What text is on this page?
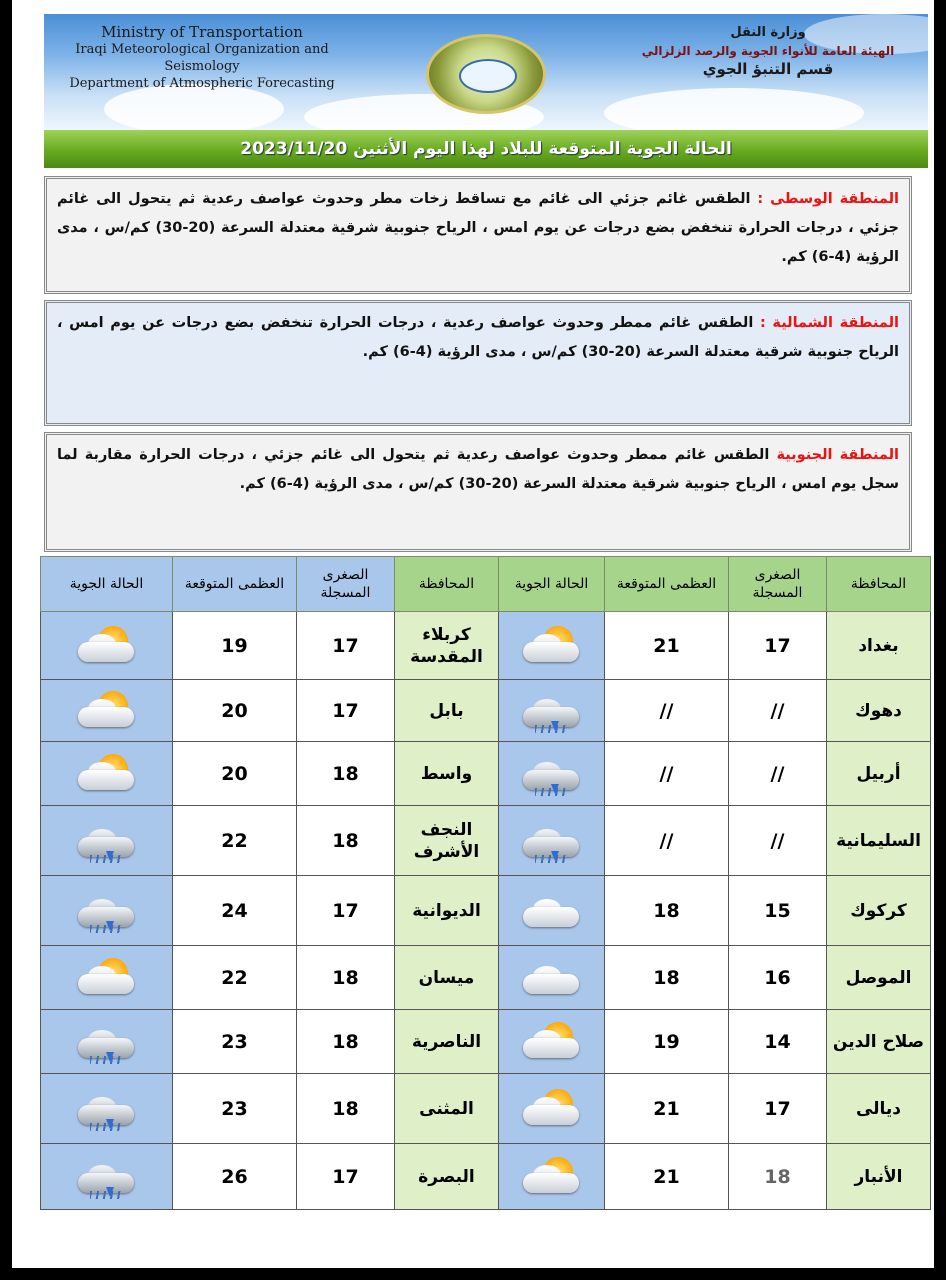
Ministry of Transportation
Iraqi Meteorological Organization and Seismology
Department of Atmospheric Forecasting
وزارة النقل
الهيئة العامة للأنواء الجوية والرصد الزلزالي
قسم التنبؤ الجوي
الحالة الجوية المتوقعة للبلاد لهذا اليوم الأثنين 2023/11/20
المنطقة الوسطى : الطقس غائم جزئي الى غائم مع تساقط زخات مطر وحدوث عواصف رعدية ثم يتحول الى غائم جزئي ، درجات الحرارة تنخفض بضع درجات عن يوم امس ، الرياح جنوبية شرقية معتدلة السرعة (20-30) كم/س ، مدى الرؤية (4-6) كم.
المنطقة الشمالية : الطقس غائم ممطر وحدوث عواصف رعدية ، درجات الحرارة تنخفض بضع درجات عن يوم امس ، الرياح جنوبية شرقية معتدلة السرعة (20-30) كم/س ، مدى الرؤية (4-6) كم.
المنطقة الجنوبية الطقس غائم ممطر وحدوث عواصف رعدية ثم يتحول الى غائم جزئي ، درجات الحرارة مقاربة لما سجل يوم امس ، الرياح جنوبية شرقية معتدلة السرعة (20-30) كم/س ، مدى الرؤية (4-6) كم.
المحافظة	الصغرى المسجلة	العظمى المتوقعة	الحالة الجوية	المحافظة	الصغرى المسجلة	العظمى المتوقعة	الحالة الجوية
بغداد	17	21		كربلاء المقدسة	17	19	

دهوك	//	//		بابل	17	20	

أربيل	//	//		واسط	18	20	

السليمانية	//	//		النجف الأشرف	18	22	

كركوك	15	18		الديوانية	17	24	

الموصل	16	18		ميسان	18	22	

صلاح الدين	14	19		الناصرية	18	23	

ديالى	17	21		المثنى	18	23	

الأنبار	18	21		البصرة	17	26	
